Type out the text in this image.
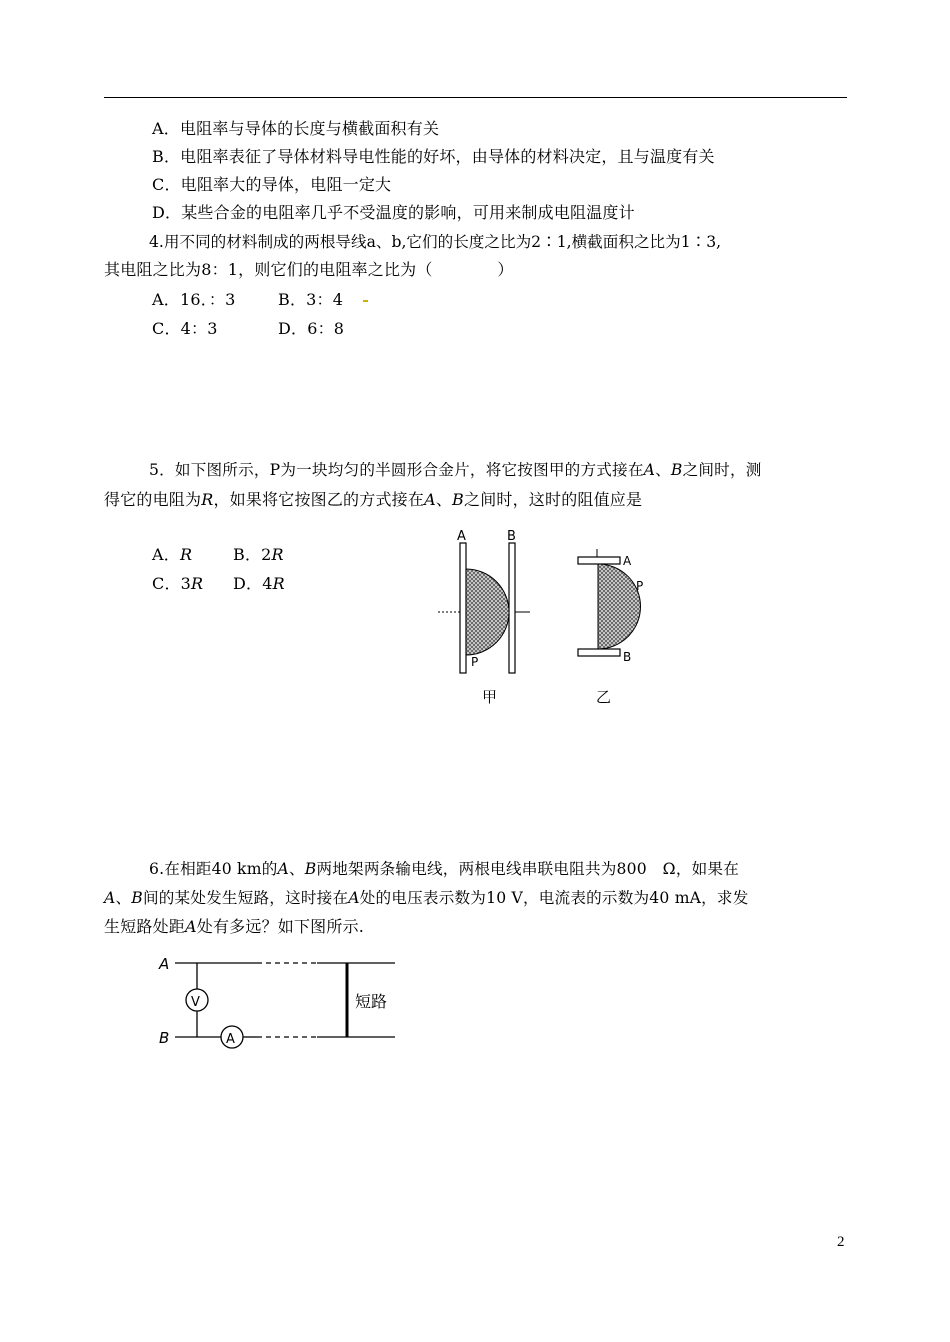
A．电阻率与导体的长度与横截面积有关
B．电阻率表征了导体材料导电性能的好坏，由导体的材料决定，且与温度有关
C．电阻率大的导体，电阻一定大
D．某些合金的电阻率几乎不受温度的影响，可用来制成电阻温度计
4.用不同的材料制成的两根导线a、b,它们的长度之比为2∶1,横截面积之比为1∶3,
其电阻之比为8：1，则它们的电阻率之比为（　　　　）
A．16．：3	B．3：4
C．4：3	D．6：8
5．如下图所示，P为一块均匀的半圆形合金片，将它按图甲的方式接在A、B之间时，测
得它的电阻为R，如果将它按图乙的方式接在A、B之间时，这时的阻值应是
A．R	B．2R
C．3R D．4R
A	B
P
甲
A
P
B
乙
6.在相距40 km的A、B两地架两条输电线，两根电线串联电阻共为800　Ω，如果在
A、B间的某处发生短路，这时接在A处的电压表示数为10 V，电流表的示数为40 mA，求发
生短路处距A处有多远？如下图所示.
A
B
V
A
短路
2
